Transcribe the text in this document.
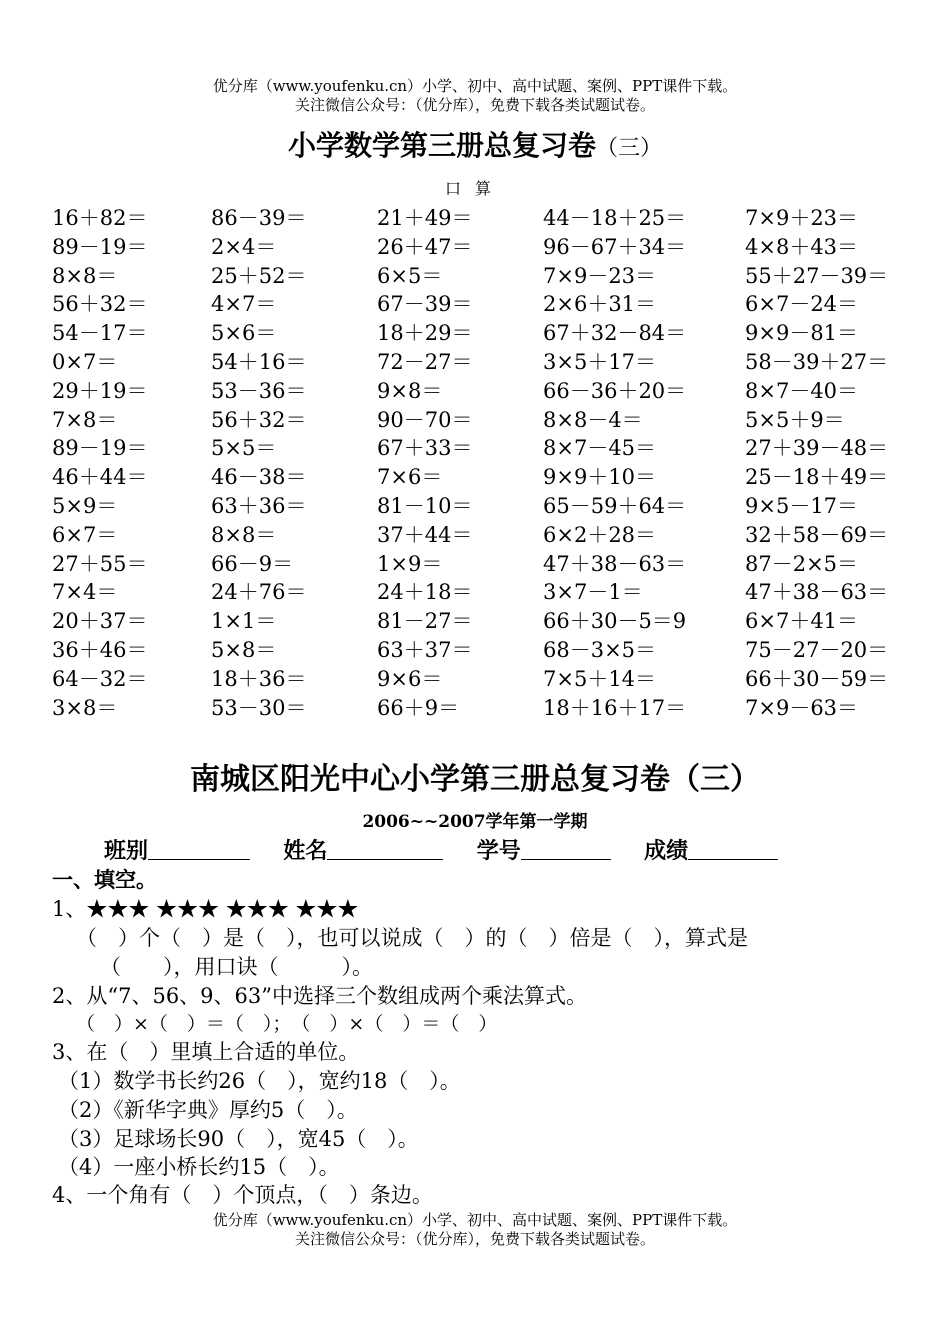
优分库（www.youfenku.cn）小学、初中、高中试题、案例、PPT课件下载。
关注微信公众号：（优分库），免费下载各类试题试卷。
小学数学第三册总复习卷（三）
口算
16＋82＝	86－39＝	21＋49＝	44－18＋25＝	7×9＋23＝
89－19＝	2×4＝	26＋47＝	96－67＋34＝	4×8＋43＝
8×8＝	25＋52＝	6×5＝	7×9－23＝	55＋27－39＝
56＋32＝	4×7＝	67－39＝	2×6＋31＝	6×7－24＝
54－17＝	5×6＝	18＋29＝	67＋32－84＝	9×9－81＝
0×7＝	54＋16＝	72－27＝	3×5＋17＝	58－39＋27＝
29＋19＝	53－36＝	9×8＝	66－36＋20＝	8×7－40＝
7×8＝	56＋32＝	90－70＝	8×8－4＝	5×5＋9＝
89－19＝	5×5＝	67＋33＝	8×7－45＝	27＋39－48＝
46＋44＝	46－38＝	7×6＝	9×9＋10＝	25－18＋49＝
5×9＝	63＋36＝	81－10＝	65－59＋64＝	9×5－17＝
6×7＝	8×8＝	37＋44＝	6×2＋28＝	32＋58－69＝
27＋55＝	66－9＝	1×9＝	47＋38－63＝	87－2×5＝
7×4＝	24＋76＝	24＋18＝	3×7－1＝	47＋38－63＝
20＋37＝	1×1＝	81－27＝	66＋30－5＝9	6×7＋41＝
36＋46＝	5×8＝	63＋37＝	68－3×5＝	75－27－20＝
64－32＝	18＋36＝	9×6＝	7×5＋14＝	66＋30－59＝
3×8＝	53－30＝	66＋9＝	18＋16＋17＝	7×9－63＝
南城区阳光中心小学第三册总复习卷（三）
2006~~2007学年第一学期
班别	姓名	学号	成绩
一、填空。
1、★★★ ★★★ ★★★ ★★★
（　）个（　）是（　），也可以说成（　）的（　）倍是（　），算式是
（　　），用口诀（　　　）。
2、从“7、56、9、63”中选择三个数组成两个乘法算式。
（　）×（　）＝（　）；　（　）×（　）＝（　）
3、在（　）里填上合适的单位。
（1）数学书长约26（　），宽约18（　）。
（2）《新华字典》厚约5（　）。
（3）足球场长90（　），宽45（　）。
（4）一座小桥长约15（　）。
4、一个角有（　）个顶点，（　）条边。
优分库（www.youfenku.cn）小学、初中、高中试题、案例、PPT课件下载。
关注微信公众号：（优分库），免费下载各类试题试卷。
